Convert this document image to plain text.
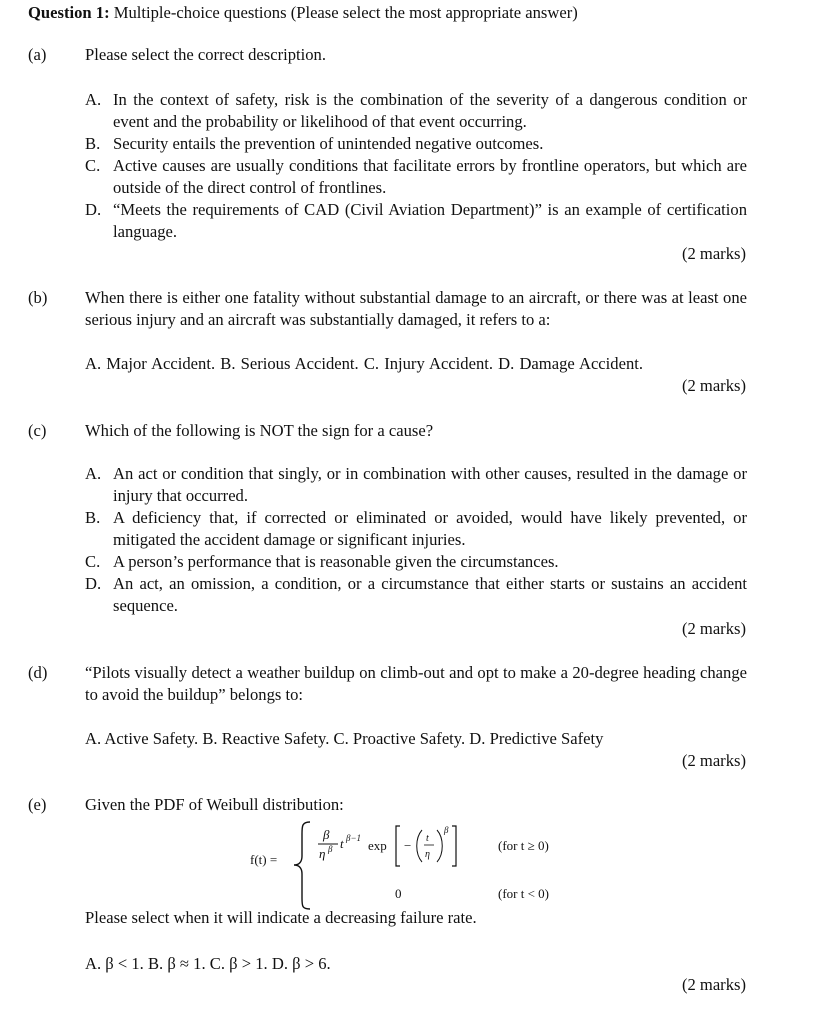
Question 1: Multiple-choice questions (Please select the most appropriate answer)
(a) Please select the correct description.
A. In the context of safety, risk is the combination of the severity of a dangerous condition or event and the probability or likelihood of that event occurring.
B. Security entails the prevention of unintended negative outcomes.
C. Active causes are usually conditions that facilitate errors by frontline operators, but which are outside of the direct control of frontlines.
D. “Meets the requirements of CAD (Civil Aviation Department)” is an example of certification language.
(2 marks)
(b) When there is either one fatality without substantial damage to an aircraft, or there was at least one serious injury and an aircraft was substantially damaged, it refers to a:
A. Major Accident. B. Serious Accident. C. Injury Accident. D. Damage Accident.
(2 marks)
(c) Which of the following is NOT the sign for a cause?
A. An act or condition that singly, or in combination with other causes, resulted in the damage or injury that occurred.
B. A deficiency that, if corrected or eliminated or avoided, would have likely prevented, or mitigated the accident damage or significant injuries.
C. A person’s performance that is reasonable given the circumstances.
D. An act, an omission, a condition, or a circumstance that either starts or sustains an accident sequence.
(2 marks)
(d) “Pilots visually detect a weather buildup on climb-out and opt to make a 20-degree heading change to avoid the buildup” belongs to:
A. Active Safety. B. Reactive Safety. C. Proactive Safety. D. Predictive Safety
(2 marks)
(e) Given the PDF of Weibull distribution:
f(t) =
β
η β t β−1 exp − t
η
β
(for t ≥ 0)
0	(for t < 0)
Please select when it will indicate a decreasing failure rate.
A. β < 1. B. β ≈ 1. C. β > 1. D. β > 6.
(2 marks)
